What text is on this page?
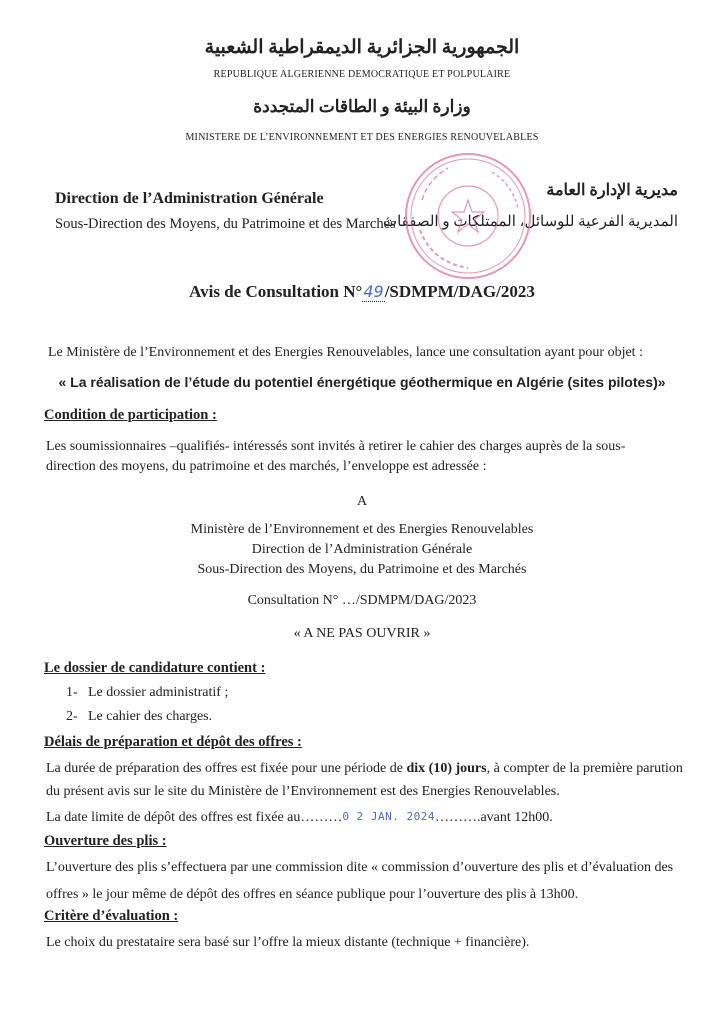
الجمهورية الجزائرية الديمقراطية الشعبية
REPUBLIQUE ALGERIENNE DEMOCRATIQUE ET POLPULAIRE
وزارة البيئة و الطاقات المتجددة
MINISTERE DE L’ENVIRONNEMENT ET DES ENERGIES RENOUVELABLES
Direction de l’Administration Générale
Sous-Direction des Moyens, du Patrimoine et des Marchés
مديرية الإدارة العامة
المديرية الفرعية للوسائل، الممتلكات و الصفقات
Avis de Consultation N°49/SDMPM/DAG/2023

Le Ministère de l’Environnement et des Energies Renouvelables, lance une consultation ayant pour objet :

« La réalisation de l’étude du potentiel énergétique géothermique en Algérie (sites pilotes)»

Condition de participation :

Les soumissionnaires –qualifiés- intéressés sont invités à retirer le cahier des charges auprès de la sous-direction des moyens, du patrimoine et des marchés, l’enveloppe est adressée :

A

Ministère de l’Environnement et des Energies Renouvelables

Direction de l’Administration Générale

Sous-Direction des Moyens, du Patrimoine et des Marchés

Consultation N° …/SDMPM/DAG/2023

« A NE PAS OUVRIR »

Le dossier de candidature contient :

1- Le dossier administratif ;

2- Le cahier des charges.

Délais de préparation et dépôt des offres :

La durée de préparation des offres est fixée pour une période de dix (10) jours, à compter de la première parution du présent avis sur le site du Ministère de l’Environnement est des Energies Renouvelables.

La date limite de dépôt des offres est fixée au………0 2 JAN. 2024……….avant 12h00.

Ouverture des plis :

L’ouverture des plis s’effectuera par une commission dite « commission d’ouverture des plis et d’évaluation des offres » le jour même de dépôt des offres en séance publique pour l’ouverture des plis à 13h00.

Critère d’évaluation :

Le choix du prestataire sera basé sur l’offre la mieux distante (technique + financière).
